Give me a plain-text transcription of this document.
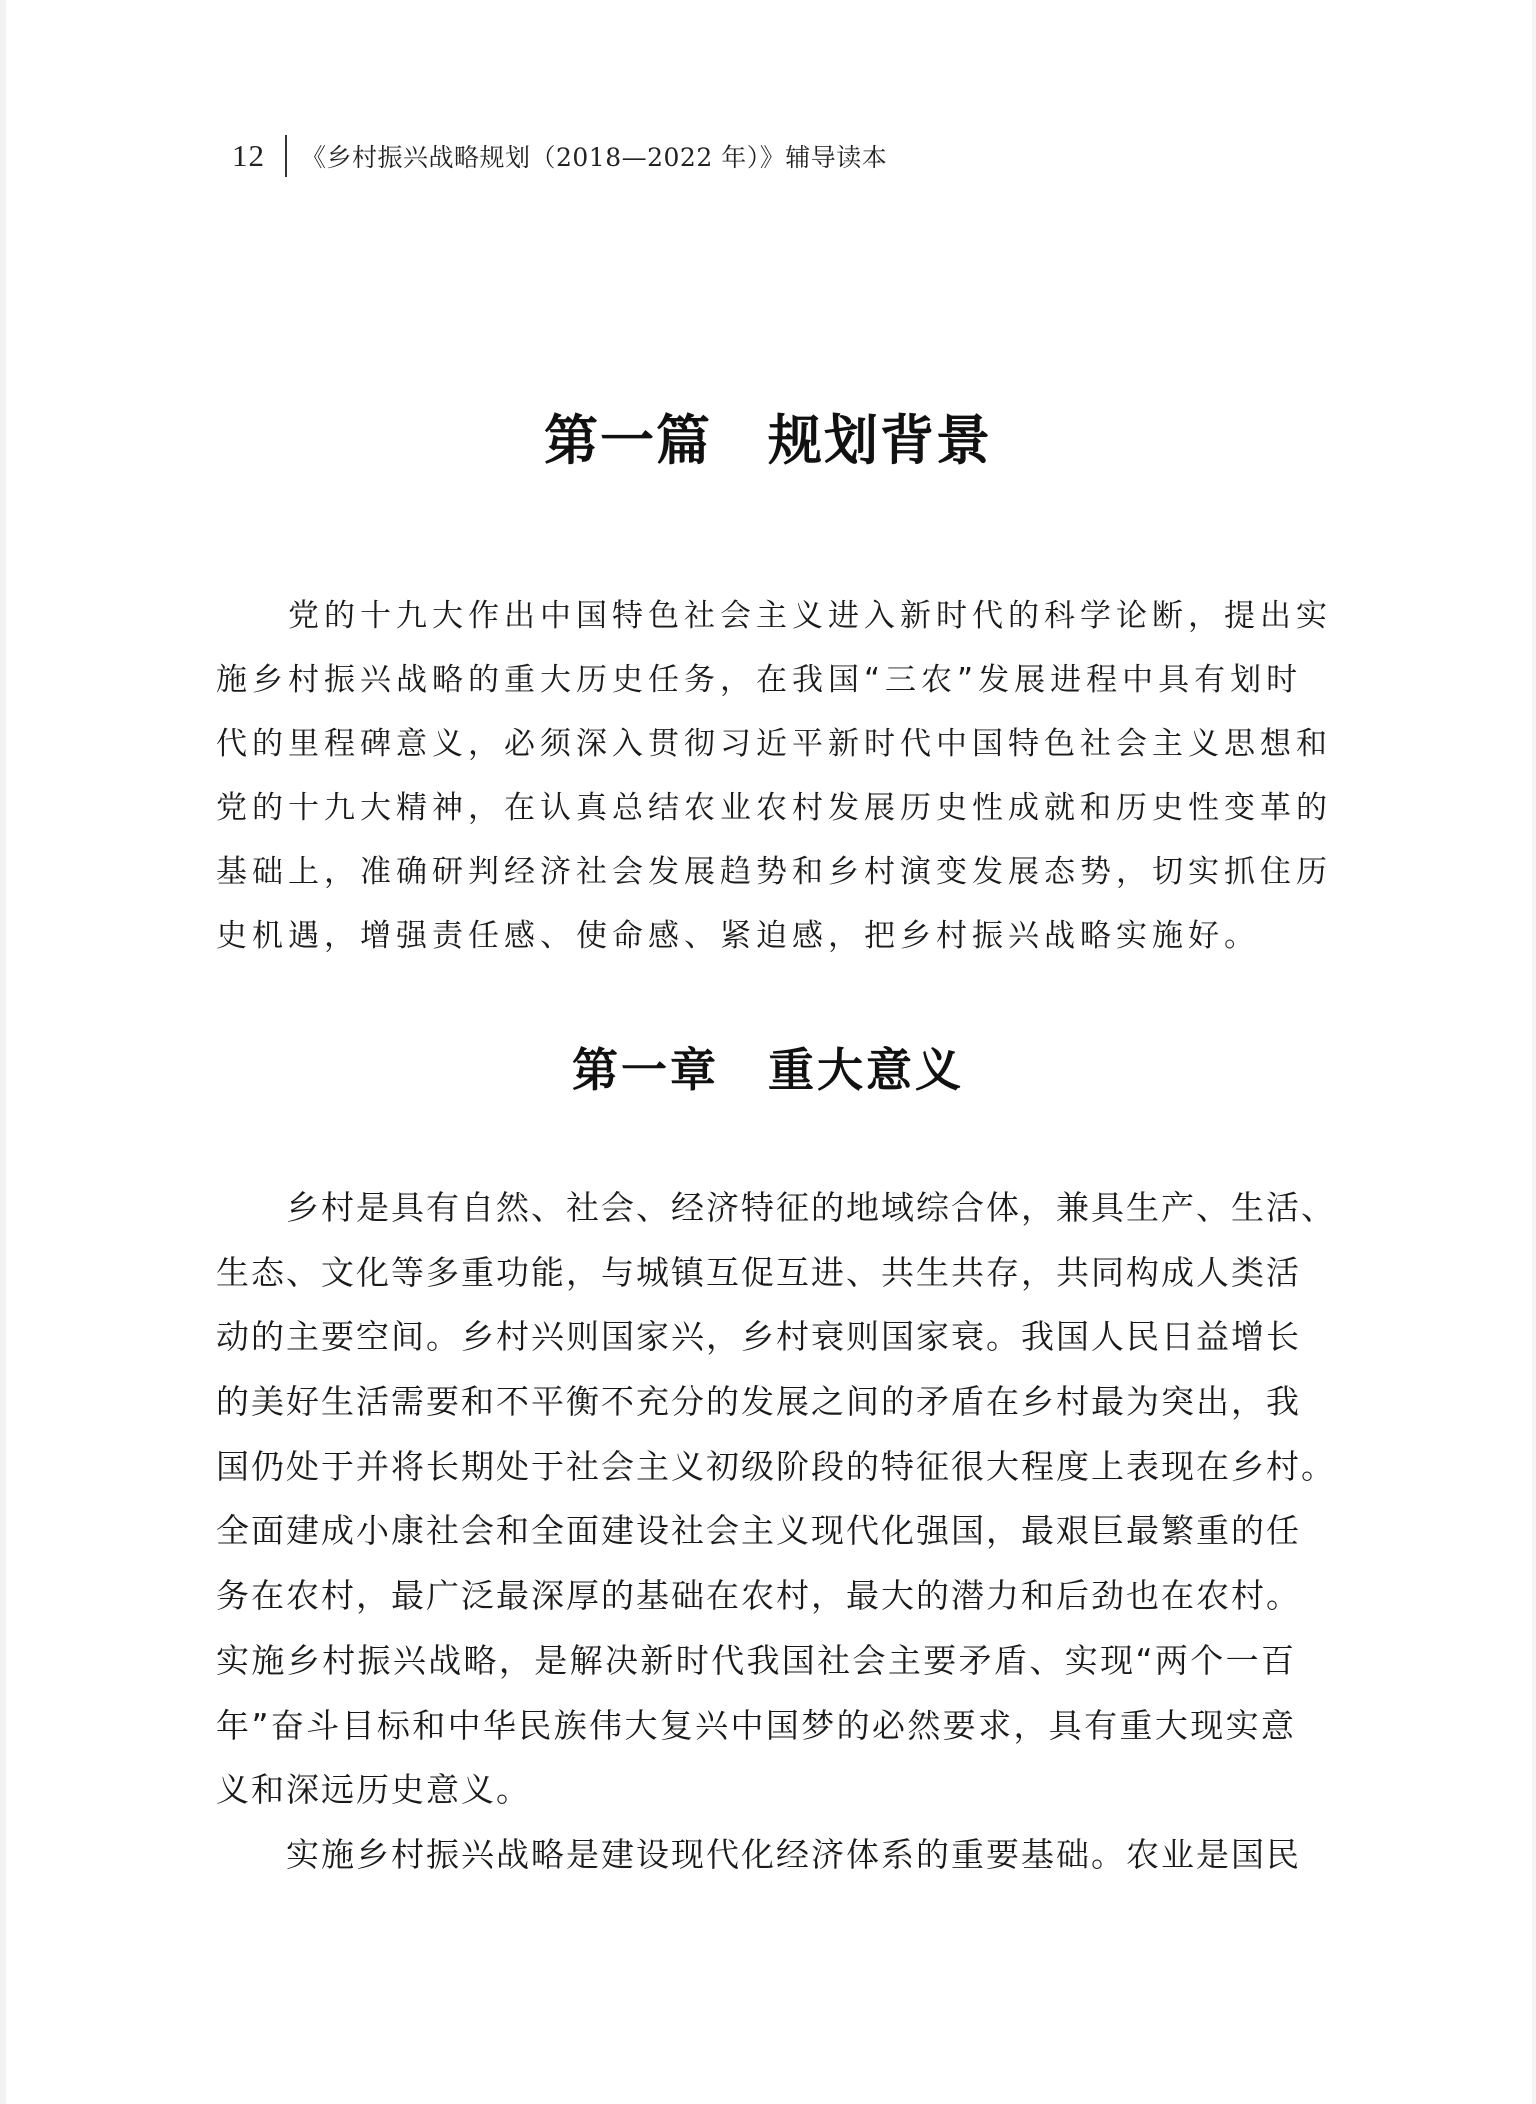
12 《乡村振兴战略规划（2018—2022 年）》辅导读本
第一篇　规划背景
　　党的十九大作出中国特色社会主义进入新时代的科学论断，提出实
施乡村振兴战略的重大历史任务，在我国“三农”发展进程中具有划时
代的里程碑意义，必须深入贯彻习近平新时代中国特色社会主义思想和
党的十九大精神，在认真总结农业农村发展历史性成就和历史性变革的
基础上，准确研判经济社会发展趋势和乡村演变发展态势，切实抓住历
史机遇，增强责任感、使命感、紧迫感，把乡村振兴战略实施好。
第一章　重大意义
　　乡村是具有自然、社会、经济特征的地域综合体，兼具生产、生活、
生态、文化等多重功能，与城镇互促互进、共生共存，共同构成人类活
动的主要空间。乡村兴则国家兴，乡村衰则国家衰。我国人民日益增长
的美好生活需要和不平衡不充分的发展之间的矛盾在乡村最为突出，我
国仍处于并将长期处于社会主义初级阶段的特征很大程度上表现在乡村。
全面建成小康社会和全面建设社会主义现代化强国，最艰巨最繁重的任
务在农村，最广泛最深厚的基础在农村，最大的潜力和后劲也在农村。
实施乡村振兴战略，是解决新时代我国社会主要矛盾、实现“两个一百
年”奋斗目标和中华民族伟大复兴中国梦的必然要求，具有重大现实意
义和深远历史意义。
　　实施乡村振兴战略是建设现代化经济体系的重要基础。农业是国民
